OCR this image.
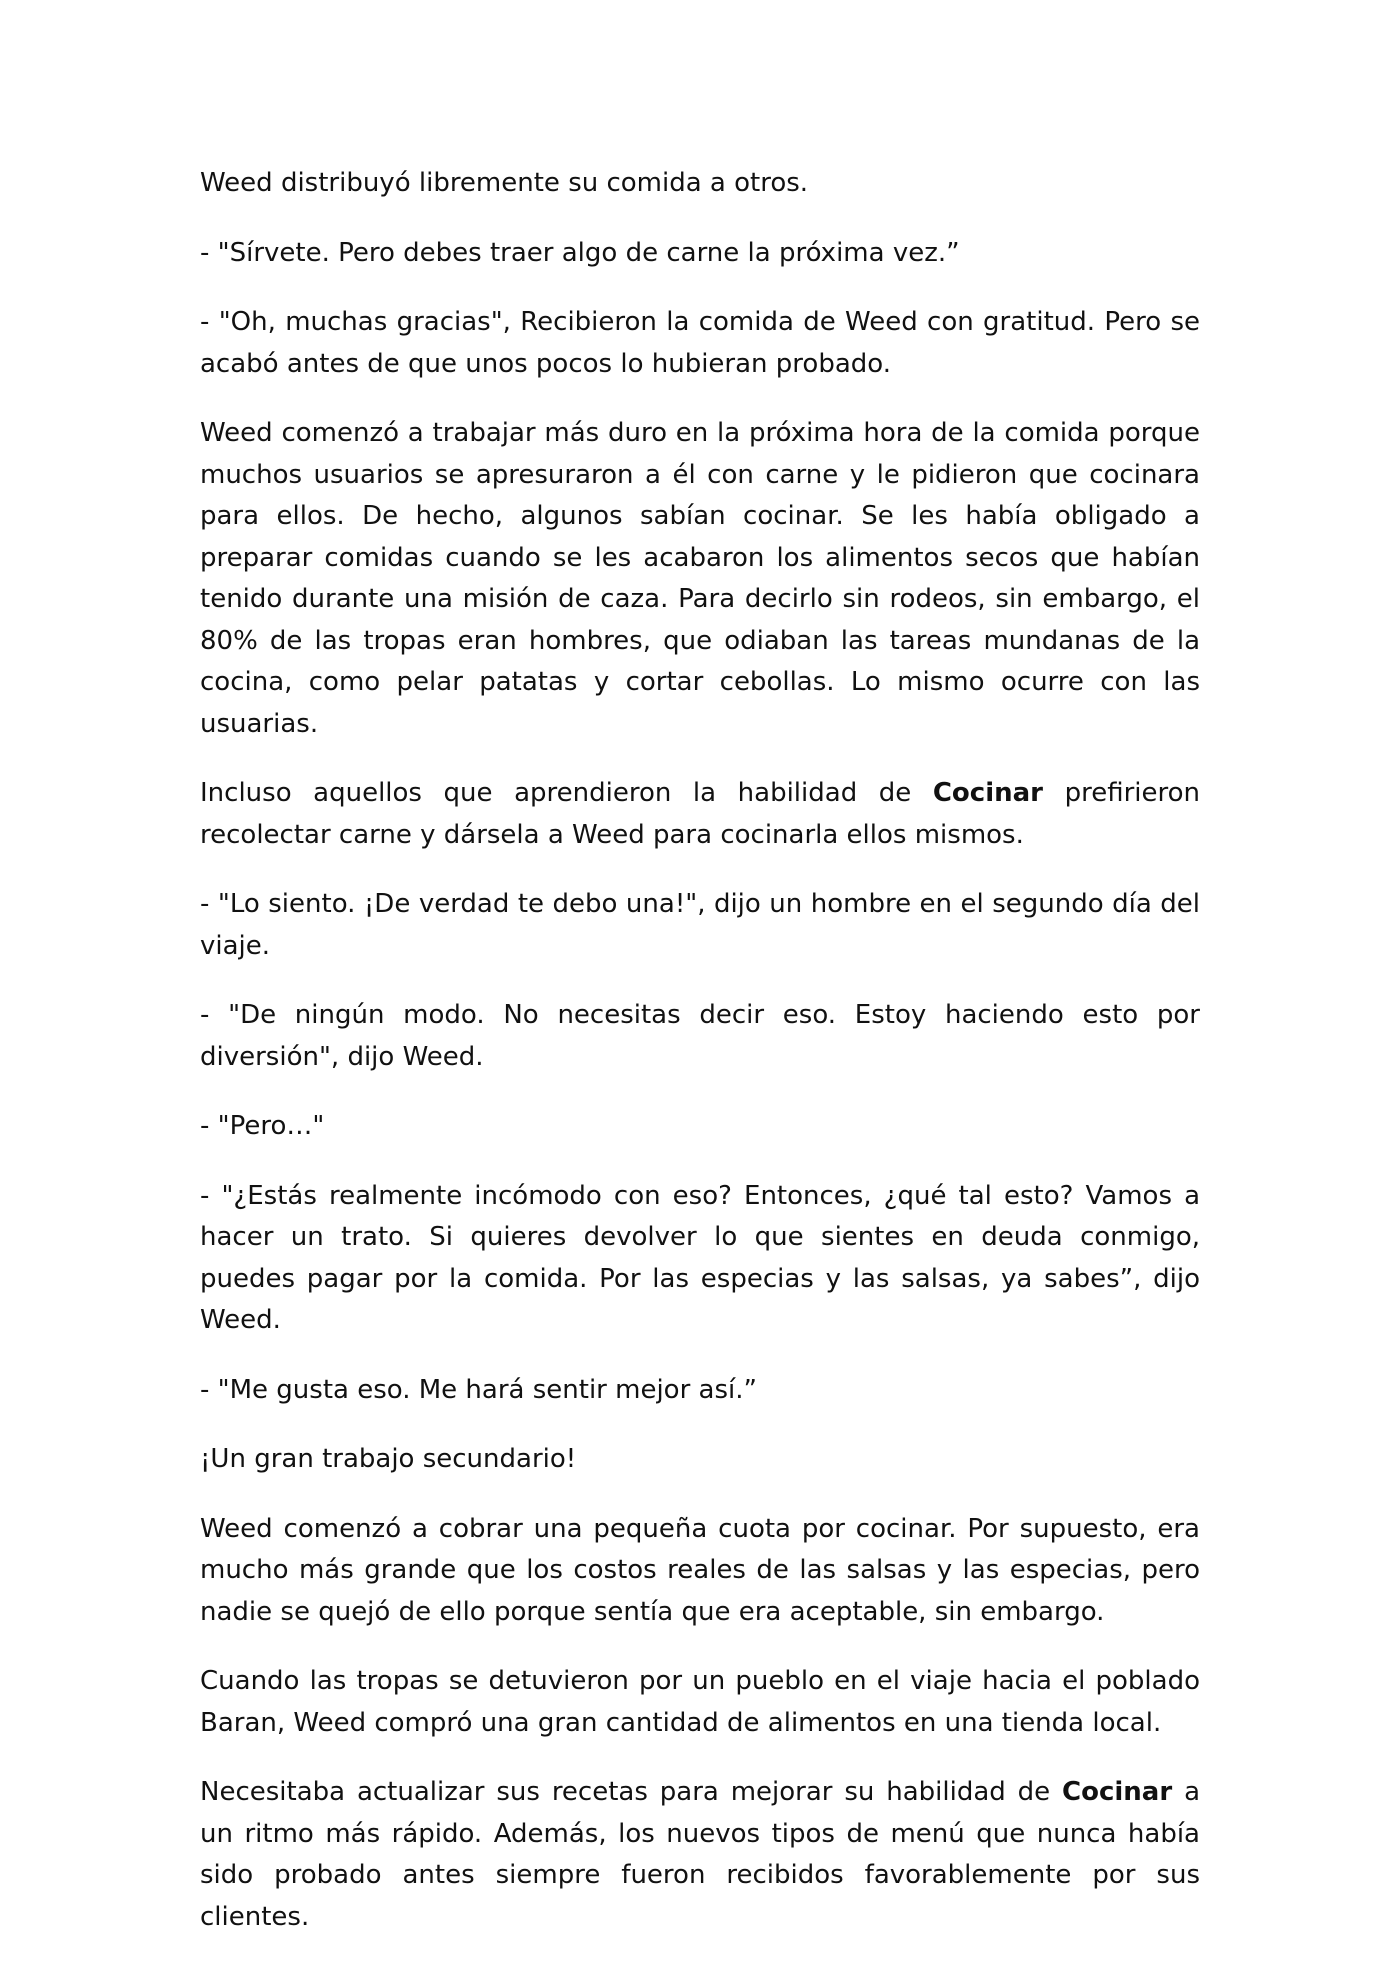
Weed distribuyó libremente su comida a otros.

- "Sírvete. Pero debes traer algo de carne la próxima vez.”

- "Oh, muchas gracias", Recibieron la comida de Weed con gratitud. Pero se acabó antes de que unos pocos lo hubieran probado.

Weed comenzó a trabajar más duro en la próxima hora de la comida porque muchos usuarios se apresuraron a él con carne y le pidieron que cocinara para ellos. De hecho, algunos sabían cocinar. Se les había obligado a preparar comidas cuando se les acabaron los alimentos secos que habían tenido durante una misión de caza. Para decirlo sin rodeos, sin embargo, el 80% de las tropas eran hombres, que odiaban las tareas mundanas de la cocina, como pelar patatas y cortar cebollas. Lo mismo ocurre con las usuarias.

Incluso aquellos que aprendieron la habilidad de Cocinar prefirieron recolectar carne y dársela a Weed para cocinarla ellos mismos.

- "Lo siento. ¡De verdad te debo una!", dijo un hombre en el segundo día del viaje.

- "De ningún modo. No necesitas decir eso. Estoy haciendo esto por diversión", dijo Weed.

- "Pero…"

- "¿Estás realmente incómodo con eso? Entonces, ¿qué tal esto? Vamos a hacer un trato. Si quieres devolver lo que sientes en deuda conmigo, puedes pagar por la comida. Por las especias y las salsas, ya sabes”, dijo Weed.

- "Me gusta eso. Me hará sentir mejor así.”

¡Un gran trabajo secundario!

Weed comenzó a cobrar una pequeña cuota por cocinar. Por supuesto, era mucho más grande que los costos reales de las salsas y las especias, pero nadie se quejó de ello porque sentía que era aceptable, sin embargo.

Cuando las tropas se detuvieron por un pueblo en el viaje hacia el poblado Baran, Weed compró una gran cantidad de alimentos en una tienda local.

Necesitaba actualizar sus recetas para mejorar su habilidad de Cocinar a un ritmo más rápido. Además, los nuevos tipos de menú que nunca había sido probado antes siempre fueron recibidos favorablemente por sus clientes.
